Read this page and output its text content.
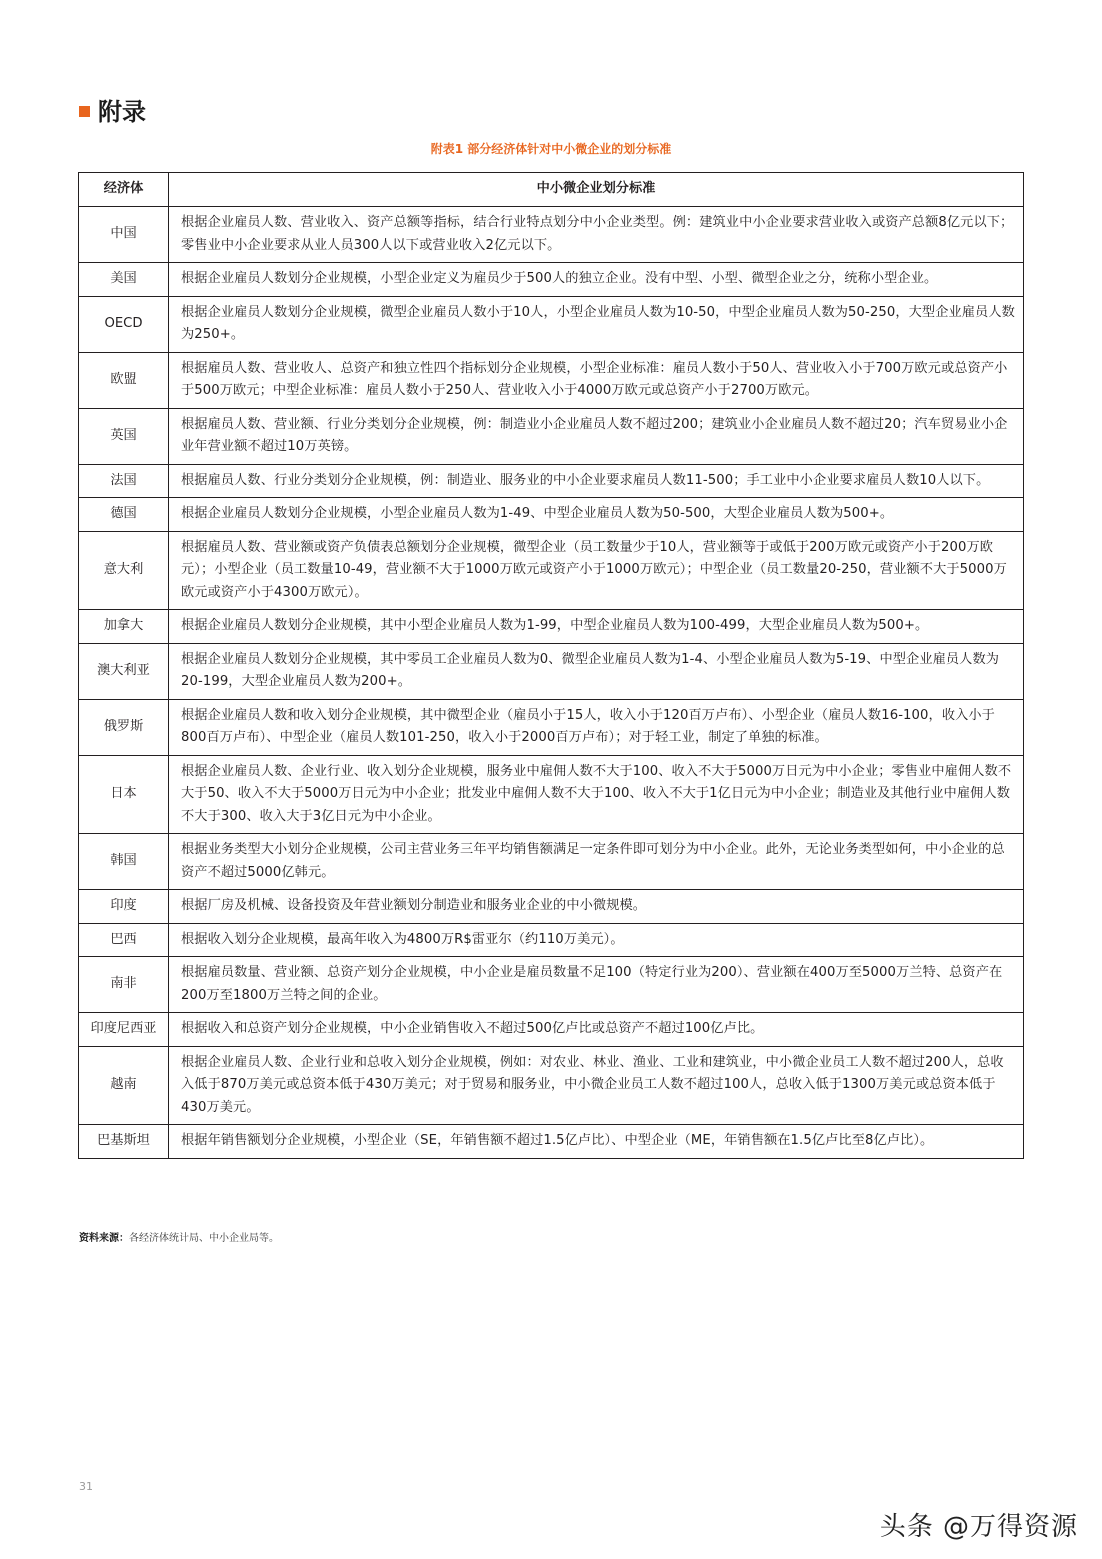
附录
附表1 部分经济体针对中小微企业的划分标准
经济体	中小微企业划分标准
中国	根据企业雇员人数、营业收入、资产总额等指标，结合行业特点划分中小企业类型。例：建筑业中小企业要求营业收入或资产总额8亿元以下；零售业中小企业要求从业人员300人以下或营业收入2亿元以下。
美国	根据企业雇员人数划分企业规模，小型企业定义为雇员少于500人的独立企业。没有中型、小型、微型企业之分，统称小型企业。
OECD	根据企业雇员人数划分企业规模，微型企业雇员人数小于10人，小型企业雇员人数为10-50，中型企业雇员人数为50-250，大型企业雇员人数为250+。
欧盟	根据雇员人数、营业收人、总资产和独立性四个指标划分企业规模，小型企业标准：雇员人数小于50人、营业收入小于700万欧元或总资产小于500万欧元；中型企业标准：雇员人数小于250人、营业收入小于4000万欧元或总资产小于2700万欧元。
英国	根据雇员人数、营业额、行业分类划分企业规模，例：制造业小企业雇员人数不超过200；建筑业小企业雇员人数不超过20；汽车贸易业小企业年营业额不超过10万英镑。
法国	根据雇员人数、行业分类划分企业规模，例：制造业、服务业的中小企业要求雇员人数11-500；手工业中小企业要求雇员人数10人以下。
德国	根据企业雇员人数划分企业规模，小型企业雇员人数为1-49、中型企业雇员人数为50-500，大型企业雇员人数为500+。
意大利	根据雇员人数、营业额或资产负债表总额划分企业规模，微型企业（员工数量少于10人，营业额等于或低于200万欧元或资产小于200万欧元）；小型企业（员工数量10-49，营业额不大于1000万欧元或资产小于1000万欧元）；中型企业（员工数量20-250，营业额不大于5000万欧元或资产小于4300万欧元）。
加拿大	根据企业雇员人数划分企业规模，其中小型企业雇员人数为1-99，中型企业雇员人数为100-499，大型企业雇员人数为500+。
澳大利亚	根据企业雇员人数划分企业规模，其中零员工企业雇员人数为0、微型企业雇员人数为1-4、小型企业雇员人数为5-19、中型企业雇员人数为20-199，大型企业雇员人数为200+。
俄罗斯	根据企业雇员人数和收入划分企业规模，其中微型企业（雇员小于15人，收入小于120百万卢布）、小型企业（雇员人数16-100，收入小于800百万卢布）、中型企业（雇员人数101-250，收入小于2000百万卢布）；对于轻工业，制定了单独的标准。
日本	根据企业雇员人数、企业行业、收入划分企业规模，服务业中雇佣人数不大于100、收入不大于5000万日元为中小企业；零售业中雇佣人数不大于50、收入不大于5000万日元为中小企业；批发业中雇佣人数不大于100、收入不大于1亿日元为中小企业；制造业及其他行业中雇佣人数不大于300、收入大于3亿日元为中小企业。
韩国	根据业务类型大小划分企业规模，公司主营业务三年平均销售额满足一定条件即可划分为中小企业。此外，无论业务类型如何，中小企业的总资产不超过5000亿韩元。
印度	根据厂房及机械、设备投资及年营业额划分制造业和服务业企业的中小微规模。
巴西	根据收入划分企业规模，最高年收入为4800万R$雷亚尔（约110万美元）。
南非	根据雇员数量、营业额、总资产划分企业规模，中小企业是雇员数量不足100（特定行业为200）、营业额在400万至5000万兰特、总资产在200万至1800万兰特之间的企业。
印度尼西亚	根据收入和总资产划分企业规模，中小企业销售收入不超过500亿卢比或总资产不超过100亿卢比。
越南	根据企业雇员人数、企业行业和总收入划分企业规模，例如：对农业、林业、渔业、工业和建筑业，中小微企业员工人数不超过200人，总收入低于870万美元或总资本低于430万美元；对于贸易和服务业，中小微企业员工人数不超过100人，总收入低于1300万美元或总资本低于430万美元。
巴基斯坦	根据年销售额划分企业规模，小型企业（SE，年销售额不超过1.5亿卢比）、中型企业（ME，年销售额在1.5亿卢比至8亿卢比）。
资料来源：各经济体统计局、中小企业局等。
31
头条 @万得资源
